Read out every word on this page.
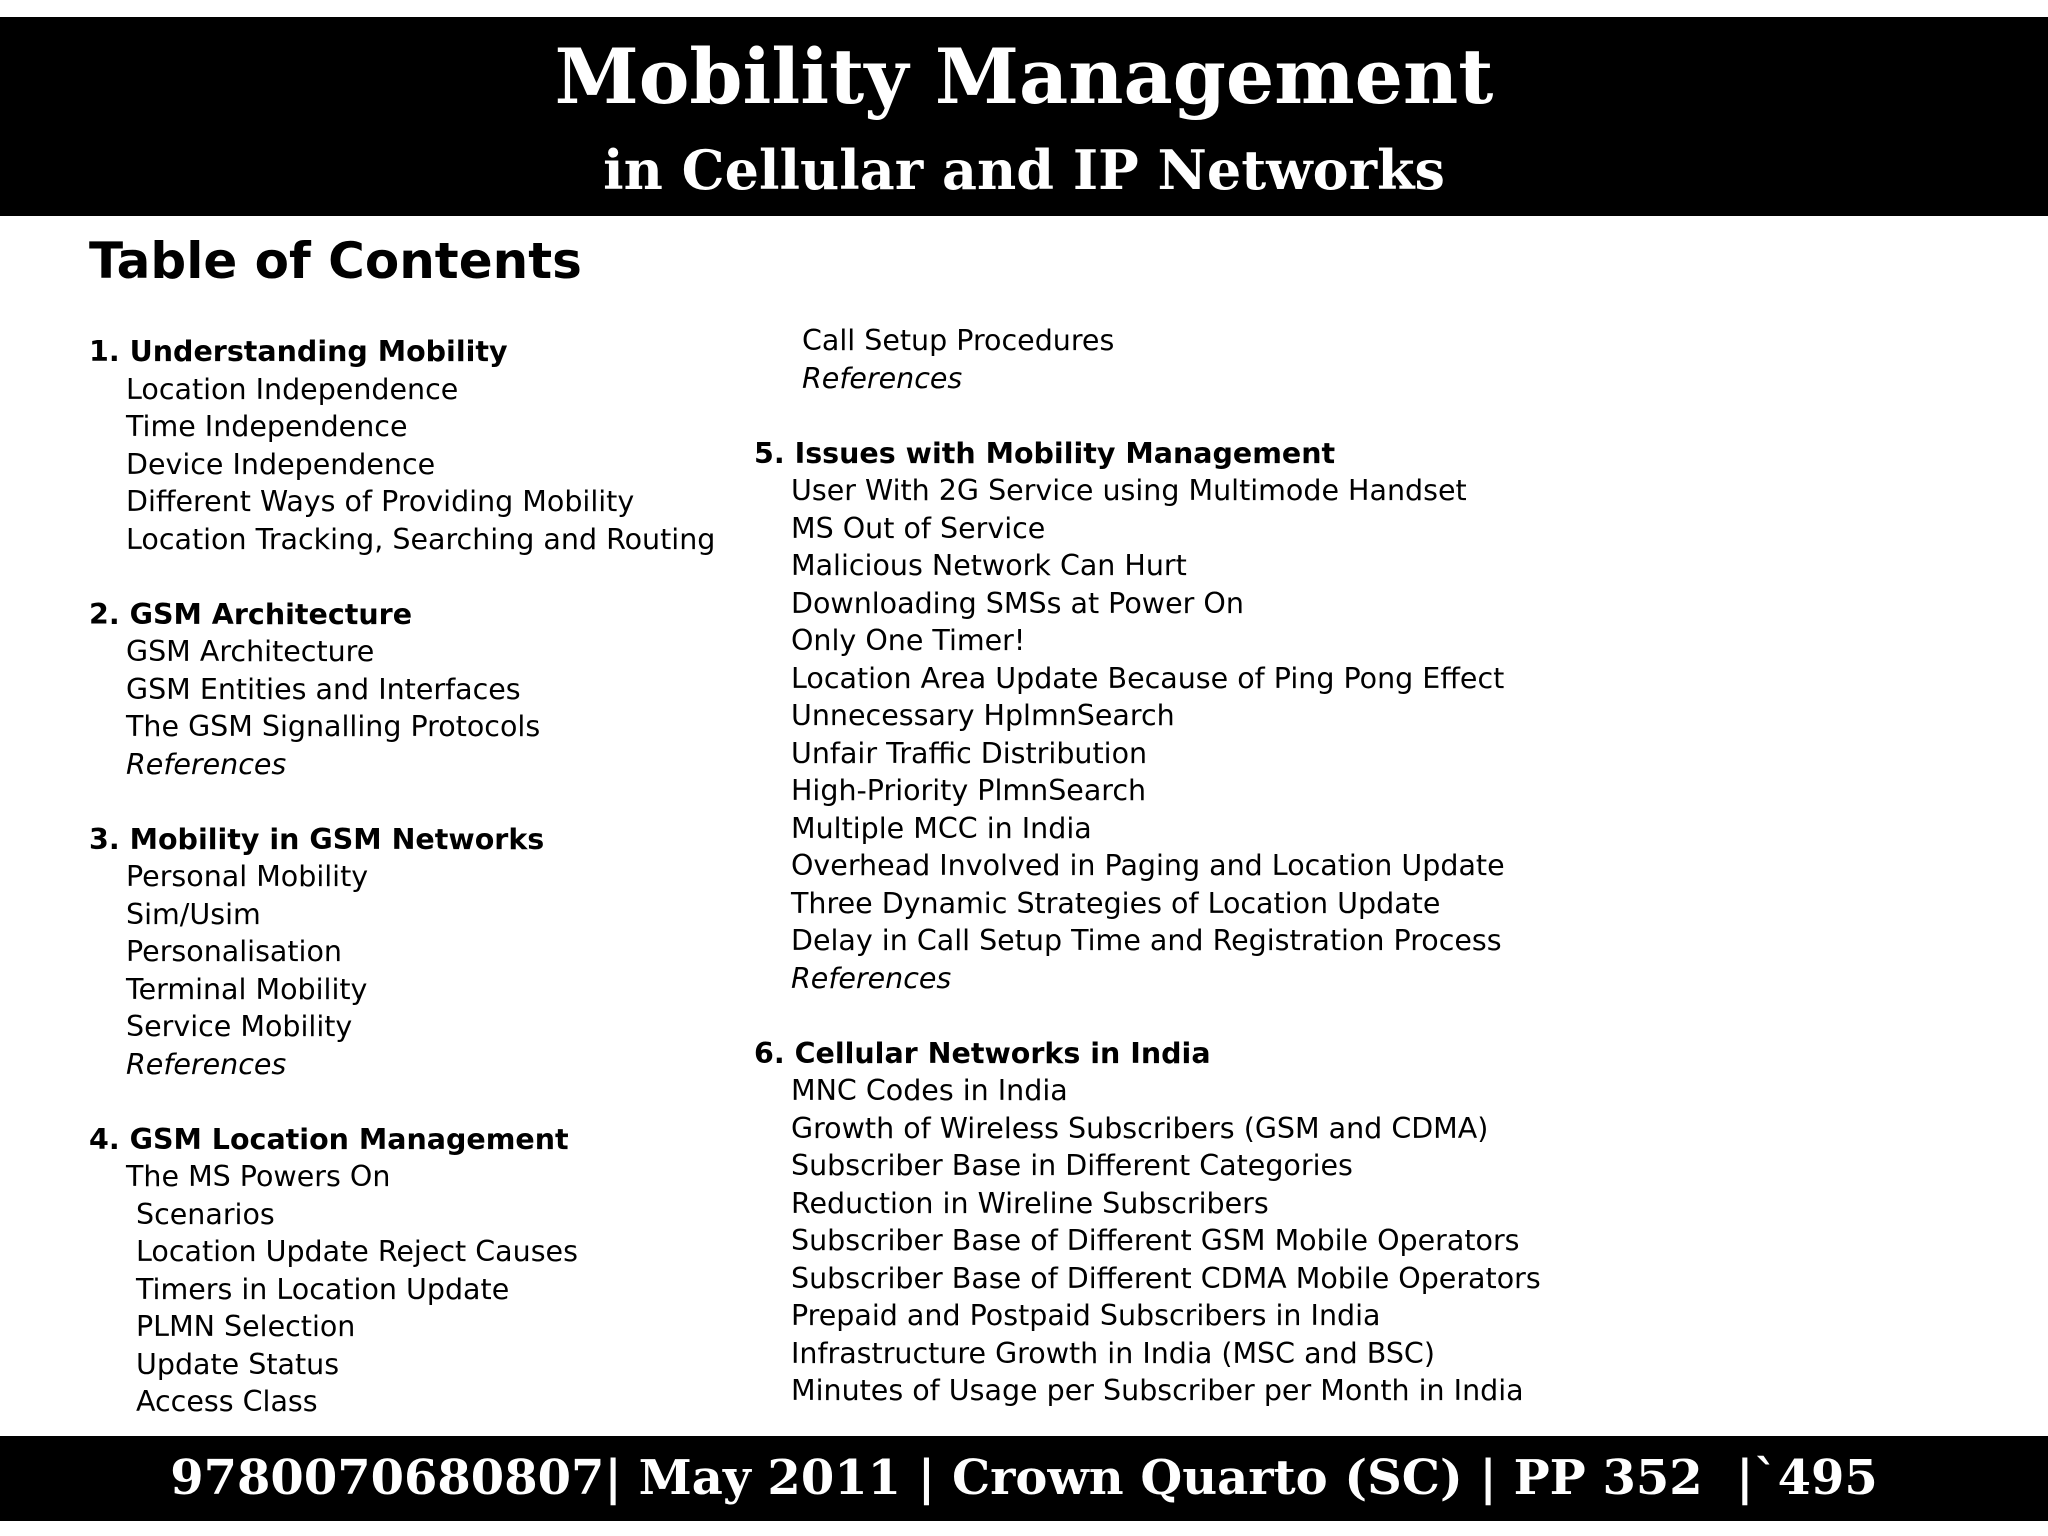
Mobility Management
in Cellular and IP Networks
Table of Contents
1. Understanding Mobility
Location Independence
Time Independence
Device Independence
Different Ways of Providing Mobility
Location Tracking, Searching and Routing
2. GSM Architecture
GSM Architecture
GSM Entities and Interfaces
The GSM Signalling Protocols
References
3. Mobility in GSM Networks
Personal Mobility
Sim/Usim
Personalisation
Terminal Mobility
Service Mobility
References
4. GSM Location Management
The MS Powers On
Scenarios
Location Update Reject Causes
Timers in Location Update
PLMN Selection
Update Status
Access Class
Call Setup Procedures
References
5. Issues with Mobility Management
User With 2G Service using Multimode Handset
MS Out of Service
Malicious Network Can Hurt
Downloading SMSs at Power On
Only One Timer!
Location Area Update Because of Ping Pong Effect
Unnecessary HplmnSearch
Unfair Traffic Distribution
High-Priority PlmnSearch
Multiple MCC in India
Overhead Involved in Paging and Location Update
Three Dynamic Strategies of Location Update
Delay in Call Setup Time and Registration Process
References
6. Cellular Networks in India
MNC Codes in India
Growth of Wireless Subscribers (GSM and CDMA)
Subscriber Base in Different Categories
Reduction in Wireline Subscribers
Subscriber Base of Different GSM Mobile Operators
Subscriber Base of Different CDMA Mobile Operators
Prepaid and Postpaid Subscribers in India
Infrastructure Growth in India (MSC and BSC)
Minutes of Usage per Subscriber per Month in India
9780070680807| May 2011 | Crown Quarto (SC) | PP 352 |`495
